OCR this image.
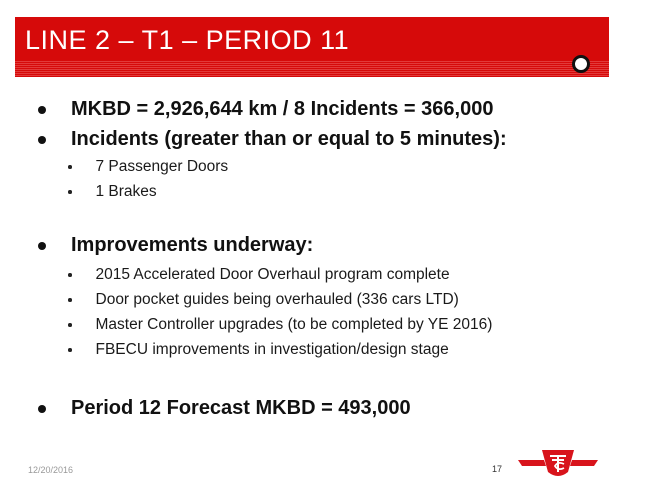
LINE 2 – T1 – PERIOD 11
MKBD = 2,926,644 km / 8 Incidents = 366,000
Incidents (greater than or equal to 5 minutes):
7 Passenger Doors
1 Brakes
Improvements underway:
2015 Accelerated Door Overhaul program complete
Door pocket guides being overhauled (336 cars LTD)
Master Controller upgrades (to be completed by YE 2016)
FBECU improvements in investigation/design stage
Period 12 Forecast MKBD = 493,000
12/20/2016	17
